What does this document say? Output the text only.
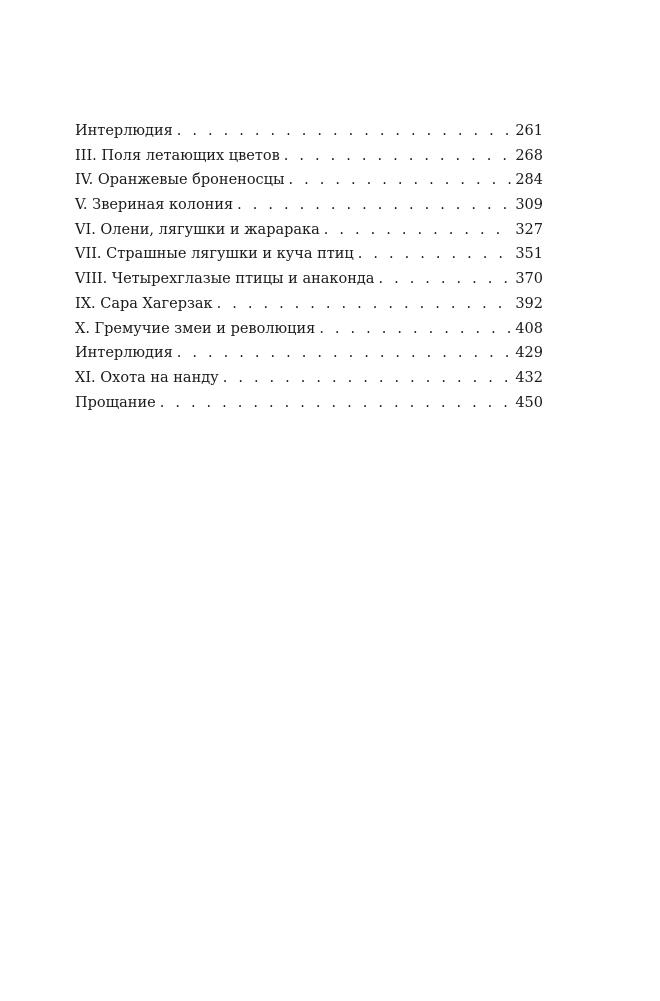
Интерлюдия . . .	261
III. Поля летающих цветов . . .	268
IV. Оранжевые броненосцы . . .	284
V. Звериная колония . . .	309
VI. Олени, лягушки и жарарака . . .	327
VII. Страшные лягушки и куча птиц . . .	351
VIII. Четырехглазые птицы и анаконда . . .	370
IX. Сара Хагерзак . . .	392
X. Гремучие змеи и революция . . .	408
Интерлюдия . . .	429
XI. Охота на нанду . . .	432
Прощание . . .	450
